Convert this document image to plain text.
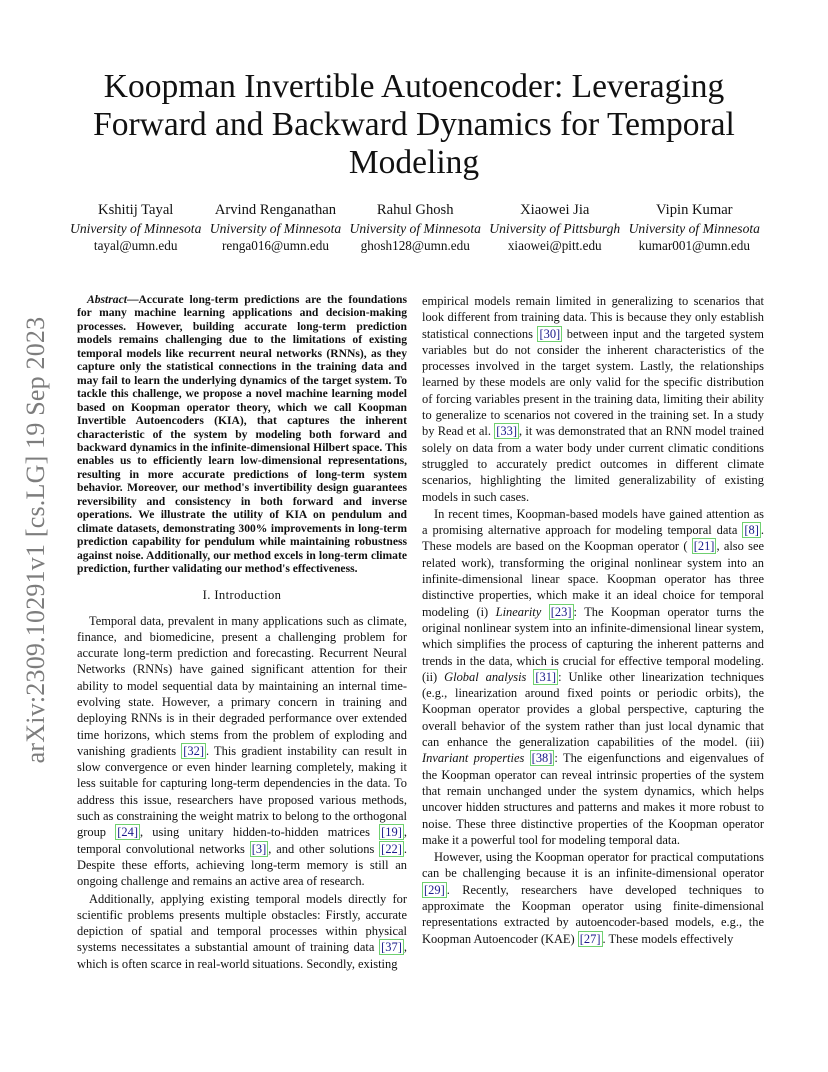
arXiv:2309.10291v1 [cs.LG] 19 Sep 2023
Koopman Invertible Autoencoder: Leveraging Forward and Backward Dynamics for Temporal Modeling
Kshitij Tayal
University of Minnesota
tayal@umn.edu
Arvind Renganathan
University of Minnesota
renga016@umn.edu
Rahul Ghosh
University of Minnesota
ghosh128@umn.edu
Xiaowei Jia
University of Pittsburgh
xiaowei@pitt.edu
Vipin Kumar
University of Minnesota
kumar001@umn.edu

Abstract—Accurate long-term predictions are the foundations for many machine learning applications and decision-making processes. However, building accurate long-term prediction models remains challenging due to the limitations of existing temporal models like recurrent neural networks (RNNs), as they capture only the statistical connections in the training data and may fail to learn the underlying dynamics of the target system. To tackle this challenge, we propose a novel machine learning model based on Koopman operator theory, which we call Koopman Invertible Autoencoders (KIA), that captures the inherent characteristic of the system by modeling both forward and backward dynamics in the infinite-dimensional Hilbert space. This enables us to efficiently learn low-dimensional representations, resulting in more accurate predictions of long-term system behavior. Moreover, our method's invertibility design guarantees reversibility and consistency in both forward and inverse operations. We illustrate the utility of KIA on pendulum and climate datasets, demonstrating 300% improvements in long-term prediction capability for pendulum while maintaining robustness against noise. Additionally, our method excels in long-term climate prediction, further validating our method's effectiveness.

I. Introduction

Temporal data, prevalent in many applications such as climate, finance, and biomedicine, present a challenging problem for accurate long-term prediction and forecasting. Recurrent Neural Networks (RNNs) have gained significant attention for their ability to model sequential data by maintaining an internal time-evolving state. However, a primary concern in training and deploying RNNs is in their degraded performance over extended time horizons, which stems from the problem of exploding and vanishing gradients [32] . This gradient instability can result in slow convergence or even hinder learning completely, making it less suitable for capturing long-term dependencies in the data. To address this issue, researchers have proposed various methods, such as constraining the weight matrix to belong to the orthogonal group [24] , using unitary hidden-to-hidden matrices [19] , temporal convolutional networks [3] , and other solutions [22] . Despite these efforts, achieving long-term memory is still an ongoing challenge and remains an active area of research.

Additionally, applying existing temporal models directly for scientific problems presents multiple obstacles: Firstly, accurate depiction of spatial and temporal processes within physical systems necessitates a substantial amount of training data [37] , which is often scarce in real-world situations. Secondly, existing

empirical models remain limited in generalizing to scenarios that look different from training data. This is because they only establish statistical connections [30] between input and the targeted system variables but do not consider the inherent characteristics of the processes involved in the target system. Lastly, the relationships learned by these models are only valid for the specific distribution of forcing variables present in the training data, limiting their ability to generalize to scenarios not covered in the training set. In a study by Read et al. [33] , it was demonstrated that an RNN model trained solely on data from a water body under current climatic conditions struggled to accurately predict outcomes in different climate scenarios, highlighting the limited generalizability of existing models in such cases.

In recent times, Koopman-based models have gained attention as a promising alternative approach for modeling temporal data [8] . These models are based on the Koopman operator ( [21] , also see related work), transforming the original nonlinear system into an infinite-dimensional linear space. Koopman operator has three distinctive properties, which make it an ideal choice for temporal modeling (i) Linearity [23] : The Koopman operator turns the original nonlinear system into an infinite-dimensional linear system, which simplifies the process of capturing the inherent patterns and trends in the data, which is crucial for effective temporal modeling. (ii) Global analysis [31] : Unlike other linearization techniques (e.g., linearization around fixed points or periodic orbits), the Koopman operator provides a global perspective, capturing the overall behavior of the system rather than just local dynamic that can enhance the generalization capabilities of the model. (iii) Invariant properties [38] : The eigenfunctions and eigenvalues of the Koopman operator can reveal intrinsic properties of the system that remain unchanged under the system dynamics, which helps uncover hidden structures and patterns and makes it more robust to noise. These three distinctive properties of the Koopman operator make it a powerful tool for modeling temporal data.

However, using the Koopman operator for practical computations can be challenging because it is an infinite-dimensional operator [29] . Recently, researchers have developed techniques to approximate the Koopman operator using finite-dimensional representations extracted by autoencoder-based models, e.g., the Koopman Autoencoder (KAE) [27] . These models effectively
